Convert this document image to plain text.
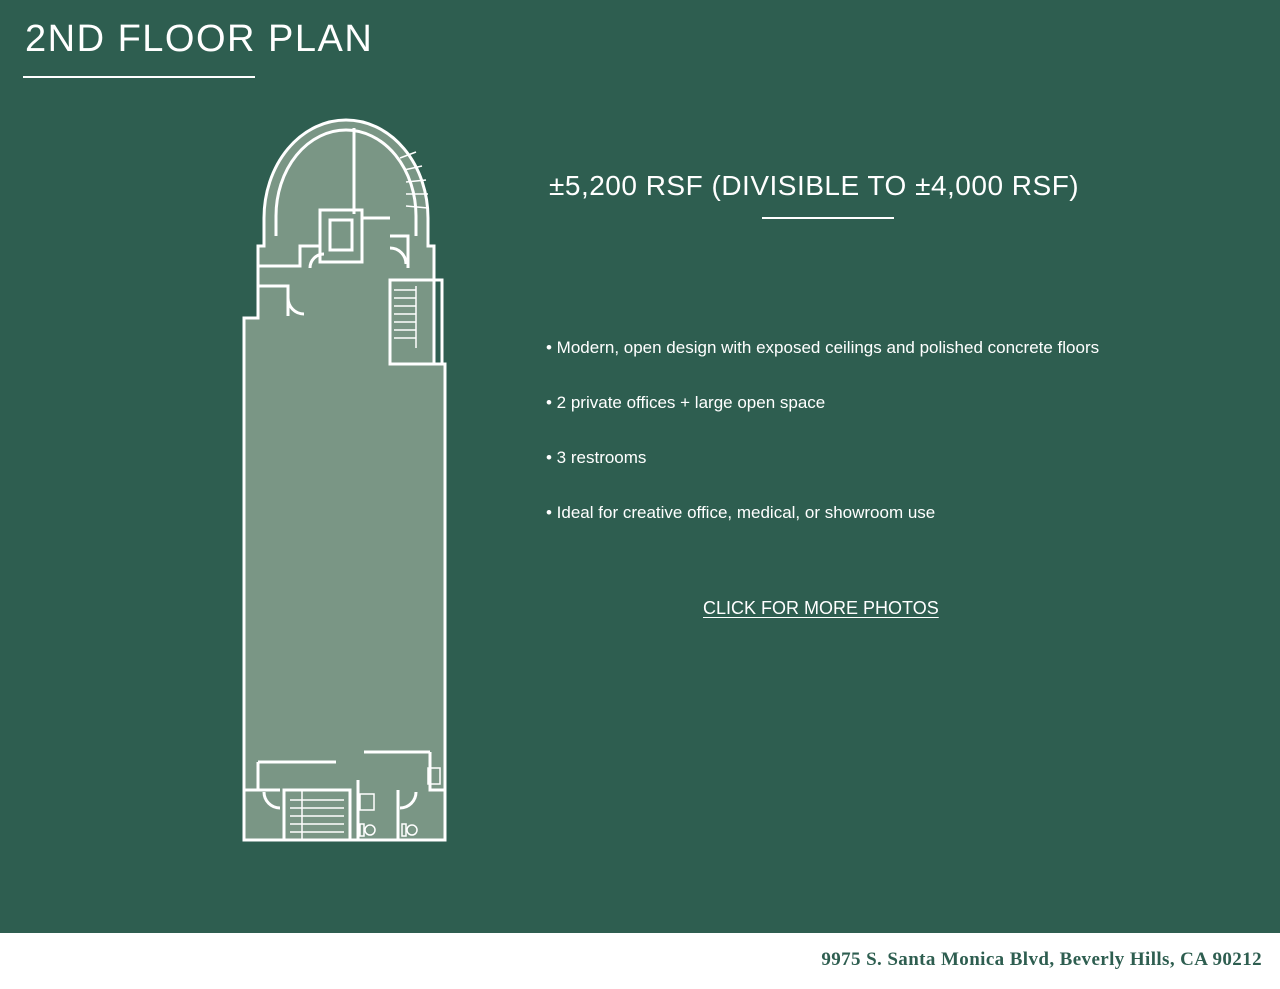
2ND FLOOR PLAN
±5,200 RSF (DIVISIBLE TO ±4,000 RSF)
• Modern, open design with exposed ceilings and polished concrete floors
• 2 private offices + large open space
• 3 restrooms
• Ideal for creative office, medical, or showroom use
CLICK FOR MORE PHOTOS

9975 S. Santa Monica Blvd, Beverly Hills, CA 90212
